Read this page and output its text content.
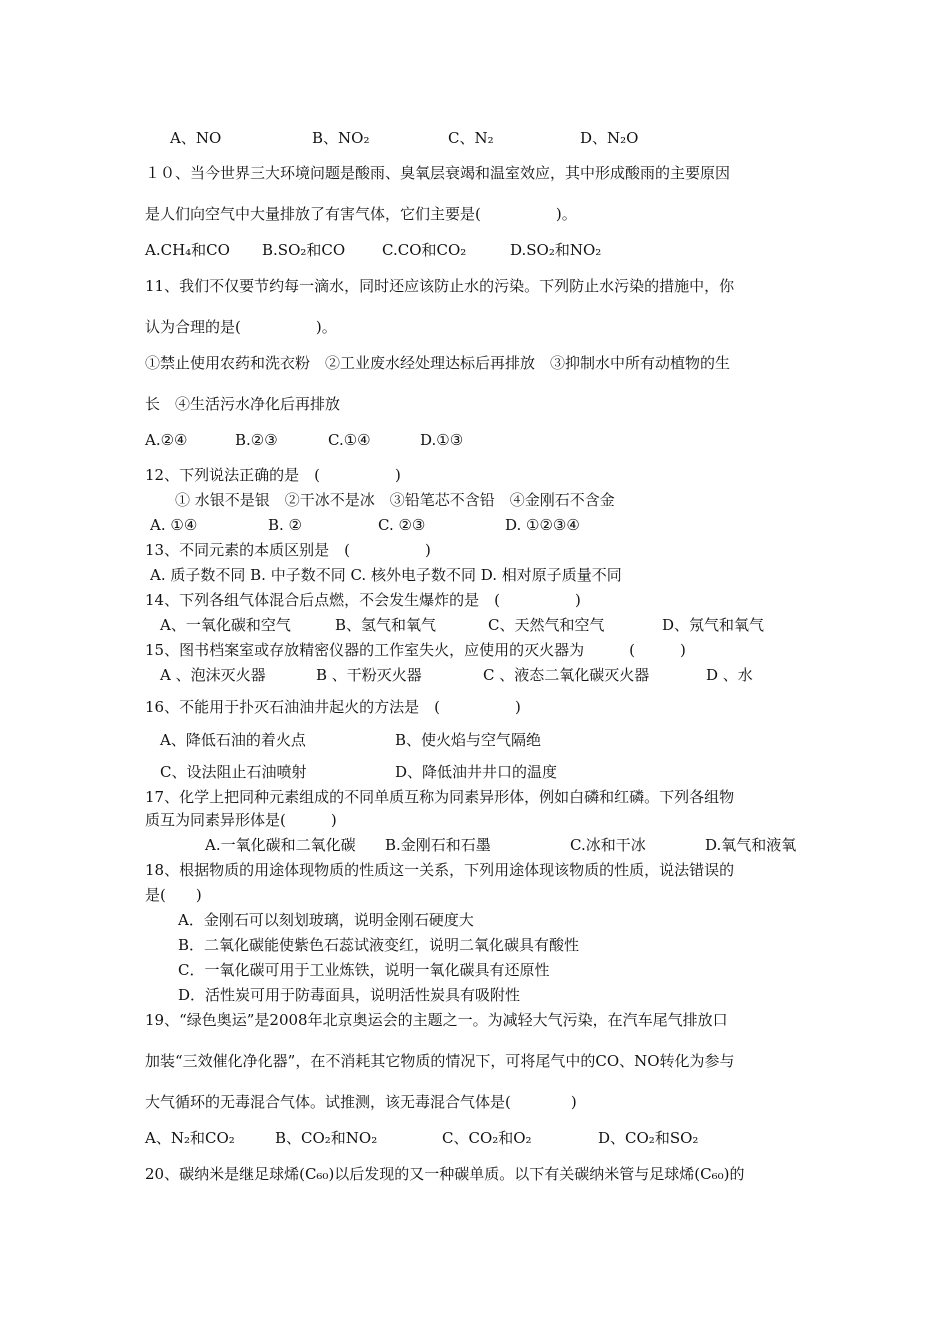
A、NO	B、NO₂	C、N₂	D、N₂O
１０、当今世界三大环境问题是酸雨、臭氧层衰竭和温室效应，其中形成酸雨的主要原因
是人们向空气中大量排放了有害气体，它们主要是(　　　　　)。
A.CH₄和CO B.SO₂和CO C.CO和CO₂	D.SO₂和NO₂
11、我们不仅要节约每一滴水，同时还应该防止水的污染。下列防止水污染的措施中，你
认为合理的是(　　　　　)。
①禁止使用农药和洗衣粉　②工业废水经处理达标后再排放　③抑制水中所有动植物的生
长　④生活污水净化后再排放
A.②④	B.②③	C.①④	D.①③
12、下列说法正确的是　(　　　　　)
① 水银不是银　②干冰不是冰　③铅笔芯不含铅　④金刚石不含金
A. ①④	B. ②	C. ②③	D. ①②③④
13、不同元素的本质区别是　(　　　　　)
A. 质子数不同 B. 中子数不同 C. 核外电子数不同 D. 相对原子质量不同
14、下列各组气体混合后点燃，不会发生爆炸的是　(　　　　　)
A、一氧化碳和空气	B、氢气和氧气	C、天然气和空气	D、氖气和氧气
15、图书档案室或存放精密仪器的工作室失火，应使用的灭火器为　　　(　　　)
A 、泡沫灭火器	B 、干粉灭火器	C 、液态二氧化碳灭火器	D 、水
16、不能用于扑灭石油油井起火的方法是　(　　　　　)
A、降低石油的着火点	B、使火焰与空气隔绝
C、设法阻止石油喷射	D、降低油井井口的温度
17、化学上把同种元素组成的不同单质互称为同素异形体，例如白磷和红磷。下列各组物
质互为同素异形体是(　　　)
A.一氧化碳和二氧化碳 B.金刚石和石墨	C.冰和干冰	D.氧气和液氧
18、根据物质的用途体现物质的性质这一关系，下列用途体现该物质的性质，说法错误的
是(　　)
A．金刚石可以刻划玻璃，说明金刚石硬度大
B．二氧化碳能使紫色石蕊试液变红，说明二氧化碳具有酸性
C．一氧化碳可用于工业炼铁，说明一氧化碳具有还原性
D．活性炭可用于防毒面具，说明活性炭具有吸附性
19、“绿色奥运”是2008年北京奥运会的主题之一。为减轻大气污染，在汽车尾气排放口
加装“三效催化净化器”，在不消耗其它物质的情况下，可将尾气中的CO、NO转化为参与
大气循环的无毒混合气体。试推测，该无毒混合气体是(　　　　)
A、N₂和CO₂	B、CO₂和NO₂	C、CO₂和O₂	D、CO₂和SO₂
20、碳纳米是继足球烯(C₆₀)以后发现的又一种碳单质。以下有关碳纳米管与足球烯(C₆₀)的
